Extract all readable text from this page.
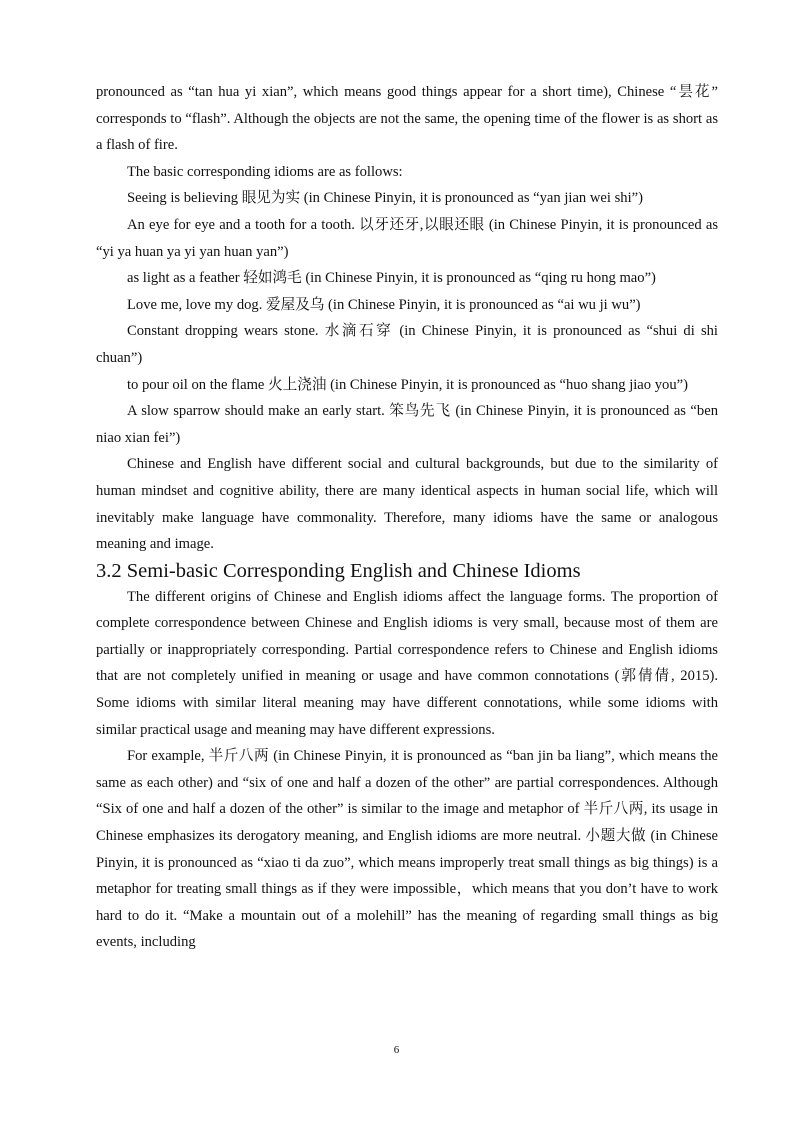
pronounced as “tan hua yi xian”, which means good things appear for a short time), Chinese “昙花” corresponds to “flash”. Although the objects are not the same, the opening time of the flower is as short as a flash of fire.

The basic corresponding idioms are as follows:

Seeing is believing 眼见为实 (in Chinese Pinyin, it is pronounced as “yan jian wei shi”)

An eye for eye and a tooth for a tooth. 以牙还牙,以眼还眼 (in Chinese Pinyin, it is pronounced as “yi ya huan ya yi yan huan yan”)

as light as a feather 轻如鸿毛 (in Chinese Pinyin, it is pronounced as “qing ru hong mao”)

Love me, love my dog. 爱屋及乌 (in Chinese Pinyin, it is pronounced as “ai wu ji wu”)

Constant dropping wears stone. 水滴石穿 (in Chinese Pinyin, it is pronounced as “shui di shi chuan”)

to pour oil on the flame 火上浇油 (in Chinese Pinyin, it is pronounced as “huo shang jiao you”)

A slow sparrow should make an early start. 笨鸟先飞 (in Chinese Pinyin, it is pronounced as “ben niao xian fei”)

Chinese and English have different social and cultural backgrounds, but due to the similarity of human mindset and cognitive ability, there are many identical aspects in human social life, which will inevitably make language have commonality. Therefore, many idioms have the same or analogous meaning and image.

3.2 Semi-basic Corresponding English and Chinese Idioms

The different origins of Chinese and English idioms affect the language forms. The proportion of complete correspondence between Chinese and English idioms is very small, because most of them are partially or inappropriately corresponding. Partial correspondence refers to Chinese and English idioms that are not completely unified in meaning or usage and have common connotations (郭倩倩, 2015). Some idioms with similar literal meaning may have different connotations, while some idioms with similar practical usage and meaning may have different expressions.

For example, 半斤八两 (in Chinese Pinyin, it is pronounced as “ban jin ba liang”, which means the same as each other) and “six of one and half a dozen of the other” are partial correspondences. Although “Six of one and half a dozen of the other” is similar to the image and metaphor of 半斤八两, its usage in Chinese emphasizes its derogatory meaning, and English idioms are more neutral. 小题大做 (in Chinese Pinyin, it is pronounced as “xiao ti da zuo”, which means improperly treat small things as big things) is a metaphor for treating small things as if they were impossible，which means that you don’t have to work hard to do it. “Make a mountain out of a molehill” has the meaning of regarding small things as big events, including

6
